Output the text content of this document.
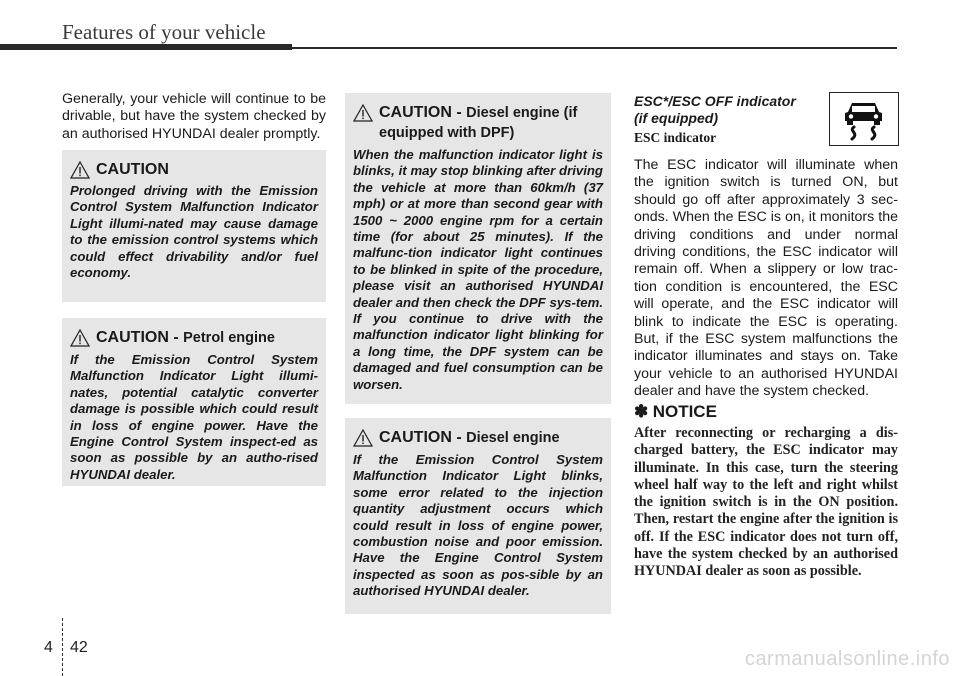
Features of your vehicle

Generally, your vehicle will continue to be drivable, but have the system checked by an authorised HYUNDAI dealer promptly.

CAUTION

Prolonged driving with the Emission Control System Malfunction Indicator Light illumi-nated may cause damage to the emission control systems which could effect drivability and/or fuel economy.

CAUTION - Petrol engine

If the Emission Control System Malfunction Indicator Light illumi-nates, potential catalytic converter damage is possible which could result in loss of engine power. Have the Engine Control System inspect-ed as soon as possible by an autho-rised HYUNDAI dealer.

CAUTION - Diesel engine (if equipped with DPF)

When the malfunction indicator light is blinks, it may stop blinking after driving the vehicle at more than 60km/h (37 mph) or at more than second gear with 1500 ~ 2000 engine rpm for a certain time (for about 25 minutes). If the malfunc-tion indicator light continues to be blinked in spite of the procedure, please visit an authorised HYUNDAI dealer and then check the DPF sys-tem. If you continue to drive with the malfunction indicator light blinking for a long time, the DPF system can be damaged and fuel consumption can be worsen.

CAUTION - Diesel engine

If the Emission Control System Malfunction Indicator Light blinks, some error related to the injection quantity adjustment occurs which could result in loss of engine power, combustion noise and poor emission. Have the Engine Control System inspected as soon as pos-sible by an authorised HYUNDAI dealer.

ESC*/ESC OFF indicator
(if equipped)
ESC indicator

The ESC indicator will illuminate when the ignition switch is turned ON, but should go off after approximately 3 sec-onds. When the ESC is on, it monitors the driving conditions and under normal driving conditions, the ESC indicator will remain off. When a slippery or low trac-tion condition is encountered, the ESC will operate, and the ESC indicator will blink to indicate the ESC is operating. But, if the ESC system malfunctions the indicator illuminates and stays on. Take your vehicle to an authorised HYUNDAI dealer and have the system checked.

✽ NOTICE

After reconnecting or recharging a dis-charged battery, the ESC indicator may illuminate. In this case, turn the steering wheel half way to the left and right whilst the ignition switch is in the ON position. Then, restart the engine after the ignition is off. If the ESC indicator does not turn off, have the system checked by an authorised HYUNDAI dealer as soon as possible.

4 42
carmanualsonline.info
